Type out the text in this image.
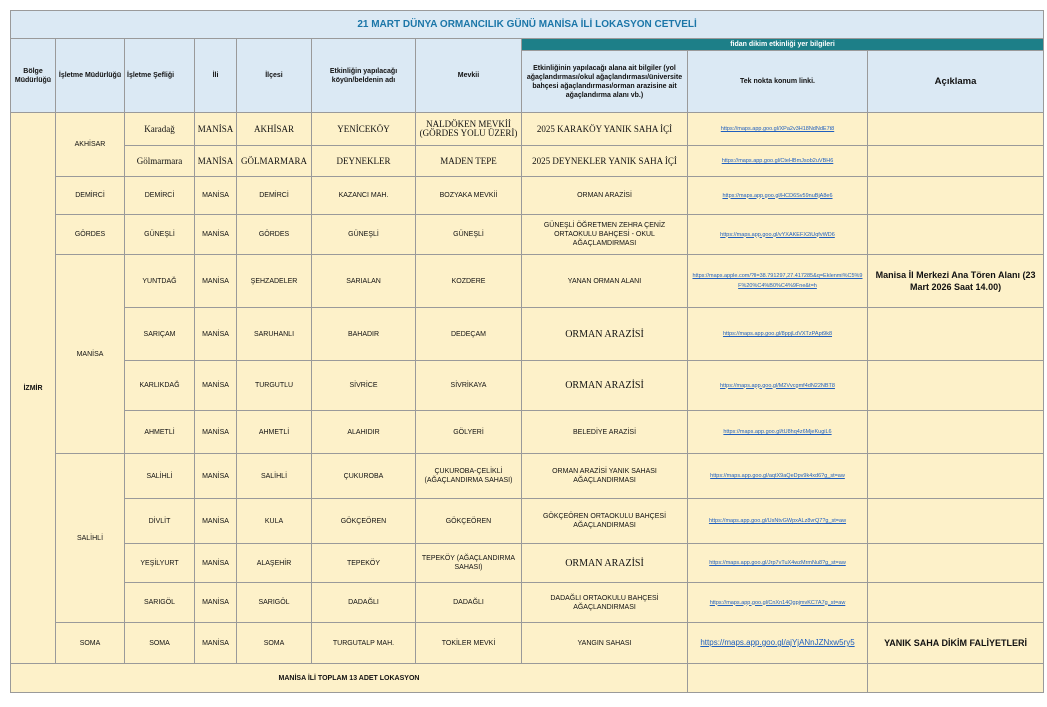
21 MART DÜNYA ORMANCILIK GÜNÜ MANİSA İLİ LOKASYON CETVELİ									
Bölge Müdürlüğü	İşletme Müdürlüğü	İşletme Şefliği	İli	İlçesi	Etkinliğin yapılacağı köyün/beldenin adı	Mevkii	fidan dikim etkinliği yer bilgileri		
							Etkinliğinin yapılacağı alana ait bilgiler (yol ağaçlandırması/okul ağaçlandırması/üniversite bahçesi ağaçlandırması/orman arazisine ait ağaçlandırma alanı vb.)	Tek nokta konum linki.	Açıklama
İZMİR	AKHİSAR	Karadağ	MANİSA	AKHİSAR	YENİCEKÖY	NALDÖKEN MEVKİİ (GÖRDES YOLU ÜZERİ)	2025 KARAKÖY YANIK SAHA İÇİ	https://maps.app.goo.gl/XPa2v3H18NdNdE7t8	
		Gölmarmara	MANİSA	GÖLMARMARA	DEYNEKLER	MADEN TEPE	2025 DEYNEKLER YANIK SAHA İÇİ	https://maps.app.goo.gl/CteHBmJsob2uVBH6	
	DEMİRCİ	DEMİRCİ	MANİSA	DEMİRCİ	KAZANCI MAH.	BOZYAKA MEVKİİ	ORMAN ARAZİSİ	https://maps.app.goo.gl/HCD6Sv59nuBjA8e6	
	GÖRDES	GÜNEŞLİ	MANİSA	GÖRDES	GÜNEŞLİ	GÜNEŞLİ	GÜNEŞLİ ÖĞRETMEN ZEHRA ÇENİZ ORTAOKULU BAHÇESİ - OKUL AĞAÇLAMDIRMASI	https://maps.app.goo.gl/vYXAKEFX2iUqfvWD6	
	MANİSA	YUNTDAĞ	MANİSA	ŞEHZADELER	SARIALAN	KOZDERE	YANAN ORMAN ALANI	https://maps.apple.com/?ll=38.791297,27.417285&q=Eklenmi%C5%9F%20%C4%B0%C4%9Fne&t=h	Manisa İl Merkezi Ana Tören Alanı (23 Mart 2026 Saat 14.00)
		SARIÇAM	MANİSA	SARUHANLI	BAHADIR	DEDEÇAM	ORMAN ARAZİSİ	https://maps.app.goo.gl/8ppjLdVXTzPApt9k8	
		KARLIKDAĞ	MANİSA	TURGUTLU	SİVRİCE	SİVRİKAYA	ORMAN ARAZİSİ	https://maps.app.goo.gl/M2Vvcgmf4dN22NBT8	
		AHMETLİ	MANİSA	AHMETLİ	ALAHIDIR	GÖLYERİ	BELEDİYE ARAZİSİ	https://maps.app.goo.gl/tU8hq4z6MjeKugiL6	
	SALİHLİ	SALİHLİ	MANİSA	SALİHLİ	ÇUKUROBA	ÇUKUROBA-ÇELİKLİ (AĞAÇLANDIRMA SAHASI)	ORMAN ARAZİSİ YANIK SAHASI AĞAÇLANDIRMASI	https://maps.app.goo.gl/aqtX9aQeDpv9k4xd6?g_st=aw	
		DİVLİT	MANİSA	KULA	GÖKÇEÖREN	GÖKÇEÖREN	GÖKÇEÖREN ORTAOKULU BAHÇESİ AĞAÇLANDIRMASI	https://maps.app.goo.gl/UsNtvGWpxALz8vrQ7?g_st=aw	
		YEŞİLYURT	MANİSA	ALAŞEHİR	TEPEKÖY	TEPEKÖY (AĞAÇLANDIRMA SAHASI)	ORMAN ARAZİSİ	https://maps.app.goo.gl/Jrp7vTuX4wzMrmNu8?g_st=aw	
		SARIGÖL	MANİSA	SARIGÖL	DADAĞLI	DADAĞLI	DADAĞLI ORTAOKULU BAHÇESİ AĞAÇLANDIRMASI	https://maps.app.goo.gl/CnXn14QgpjmvKC7A7g_st=aw	
	SOMA	SOMA	MANİSA	SOMA	TURGUTALP MAH.	TOKİLER MEVKİ	YANGIN SAHASI	https://maps.app.goo.gl/ajYjANnJZNxw5ry5	YANIK SAHA DİKİM FALİYETLERİ
MANİSA İLİ TOPLAM 13 ADET LOKASYON									
